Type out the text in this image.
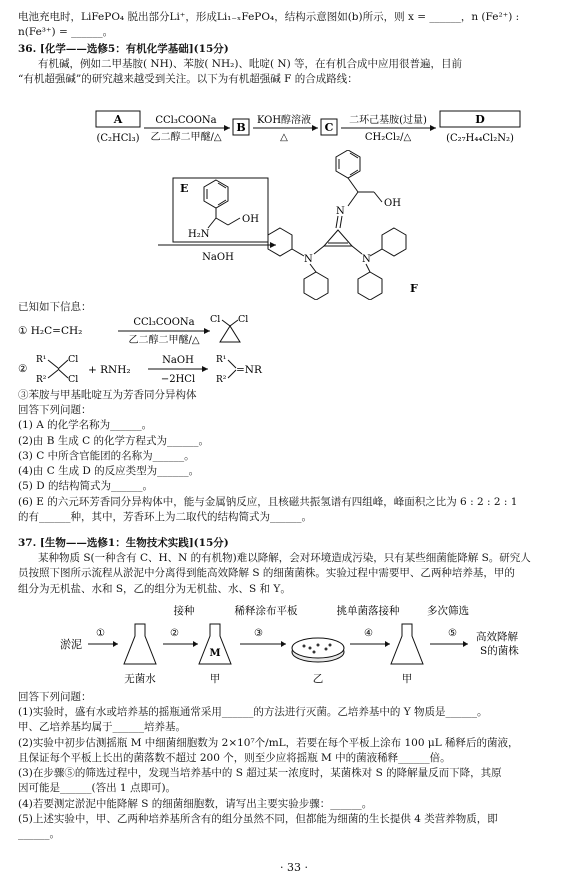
电池充电时，LiFePO₄ 脱出部分Li⁺，形成Li₁₋ₓFePO₄，结构示意图如(b)所示，则 x = ______，n (Fe²⁺) :
n(Fe³⁺) = ______。
36. [化学——选修5：有机化学基础](15分)
有机碱，例如二甲基胺( NH)、苯胺( NH₂)、吡啶( N) 等，在有机合成中应用很普遍，目前
“有机超强碱”的研究越来越受到关注。以下为有机超强碱 F 的合成路线：
A
(C₂HCl₃)
CCl₃COONa
乙二醇二甲醚/△
B
KOH醇溶液
△
C
二环己基胺(过量)
CH₂Cl₂/△
D
(C₂₇H₄₄Cl₂N₂)
E
OH
H₂N
NaOH
OH
N
N	N
F
已知如下信息：
① H₂C=CH₂
CCl₃COONa
乙二醇二甲醚/△
Cl Cl
②
R¹
R²
Cl
Cl
+ RNH₂
NaOH
−2HCl
R¹
R²
=NR
③苯胺与甲基吡啶互为芳香同分异构体
回答下列问题：
(1) A 的化学名称为______。
(2)由 B 生成 C 的化学方程式为______。
(3) C 中所含官能团的名称为______。
(4)由 C 生成 D 的反应类型为______。
(5) D 的结构简式为______。
(6) E 的六元环芳香同分异构体中，能与金属钠反应，且核磁共振氢谱有四组峰，峰面积之比为 6 : 2 : 2 : 1
的有______种，其中，芳香环上为二取代的结构简式为______。
37. [生物——选修1：生物技术实践](15分)
某种物质 S(一种含有 C、H、N 的有机物)难以降解，会对环境造成污染，只有某些细菌能降解 S。研究人
员按照下图所示流程从淤泥中分离得到能高效降解 S 的细菌菌株。实验过程中需要甲、乙两种培养基，甲的
组分为无机盐、水和 S，乙的组分为无机盐、水、S 和 Y。
接种	稀释涂布平板	挑单菌落接种	多次筛选
淤泥
①
无菌水
②
M
甲
③
乙
④
甲
⑤ 高效降解
S的菌株
回答下列问题：
(1)实验时，盛有水或培养基的摇瓶通常采用______的方法进行灭菌。乙培养基中的 Y 物质是______。
甲、乙培养基均属于______培养基。
(2)实验中初步估测摇瓶 M 中细菌细胞数为 2×10⁷个/mL，若要在每个平板上涂布 100 μL 稀释后的菌液，
且保证每个平板上长出的菌落数不超过 200 个，则至少应将摇瓶 M 中的菌液稀释______倍。
(3)在步骤⑤的筛选过程中，发现当培养基中的 S 超过某一浓度时，某菌株对 S 的降解量反而下降，其原
因可能是______(答出 1 点即可)。
(4)若要测定淤泥中能降解 S 的细菌细胞数，请写出主要实验步骤：______。
(5)上述实验中，甲、乙两种培养基所含有的组分虽然不同，但都能为细菌的生长提供 4 类营养物质，即
______。
· 33 ·
